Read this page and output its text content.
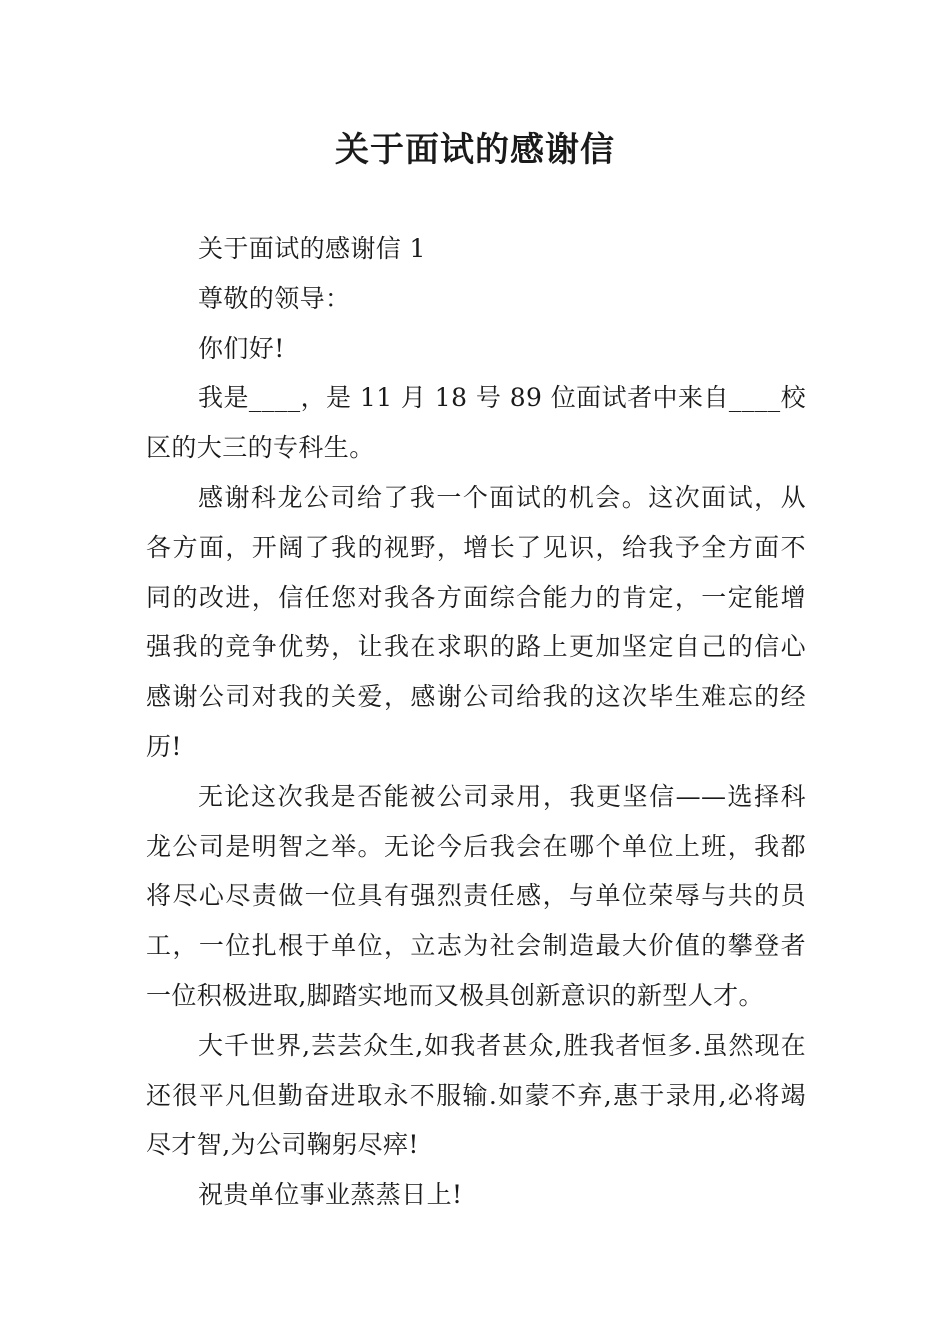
关于面试的感谢信

关于面试的感谢信 1

尊敬的领导：

你们好!

我是____，是 11 月 18 号 89 位面试者中来自____校区的大三的专科生。

感谢科龙公司给了我一个面试的机会。这次面试，从各方面，开阔了我的视野，增长了见识，给我予全方面不同的改进，信任您对我各方面综合能力的肯定，一定能增强我的竞争优势，让我在求职的路上更加坚定自己的信心感谢公司对我的关爱，感谢公司给我的这次毕生难忘的经历!

无论这次我是否能被公司录用，我更坚信——选择科龙公司是明智之举。无论今后我会在哪个单位上班，我都将尽心尽责做一位具有强烈责任感，与单位荣辱与共的员工，一位扎根于单位，立志为社会制造最大价值的攀登者一位积极进取,脚踏实地而又极具创新意识的新型人才。

大千世界,芸芸众生,如我者甚众,胜我者恒多.虽然现在还很平凡但勤奋进取永不服输.如蒙不弃,惠于录用,必将竭尽才智,为公司鞠躬尽瘁!

祝贵单位事业蒸蒸日上!
